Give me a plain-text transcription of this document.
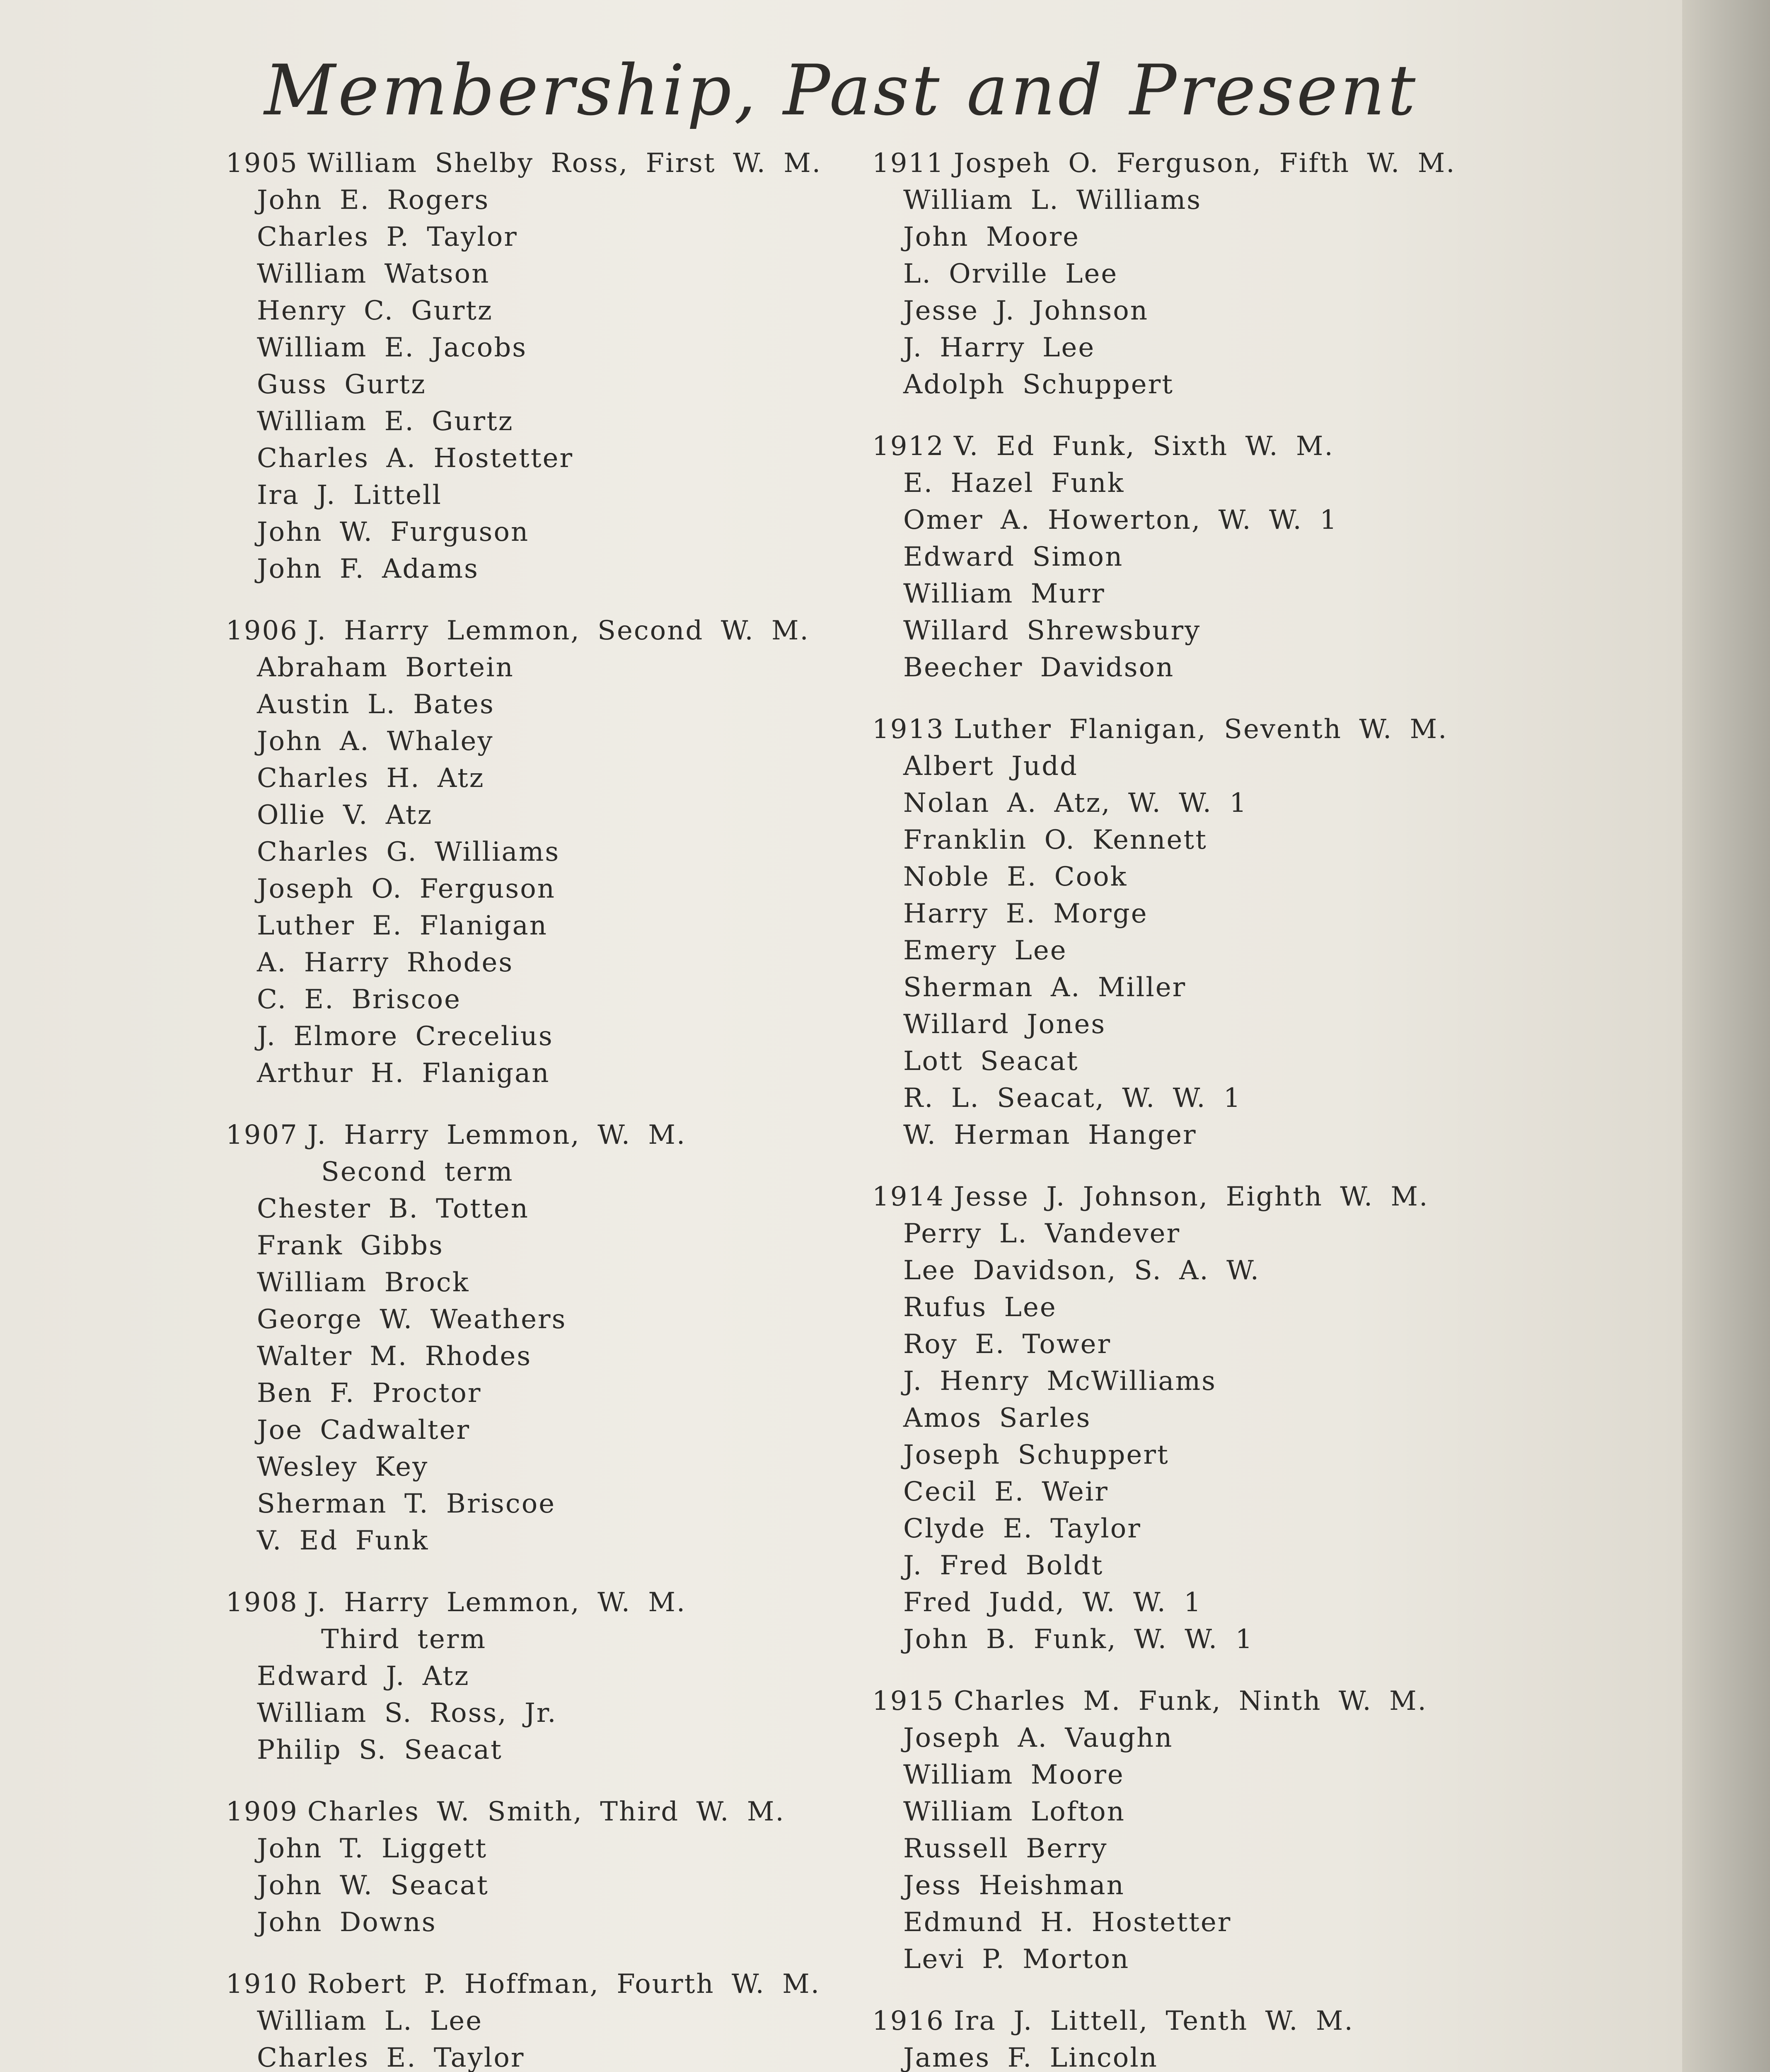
Membership, Past and Present
1905 William Shelby Ross, First W. M.
John E. Rogers
Charles P. Taylor
William Watson
Henry C. Gurtz
William E. Jacobs
Guss Gurtz
William E. Gurtz
Charles A. Hostetter
Ira J. Littell
John W. Furguson
John F. Adams
1906 J. Harry Lemmon, Second W. M.
Abraham Bortein
Austin L. Bates
John A. Whaley
Charles H. Atz
Ollie V. Atz
Charles G. Williams
Joseph O. Ferguson
Luther E. Flanigan
A. Harry Rhodes
C. E. Briscoe
J. Elmore Crecelius
Arthur H. Flanigan
1907 J. Harry Lemmon, W. M.
Second term
Chester B. Totten
Frank Gibbs
William Brock
George W. Weathers
Walter M. Rhodes
Ben F. Proctor
Joe Cadwalter
Wesley Key
Sherman T. Briscoe
V. Ed Funk
1908 J. Harry Lemmon, W. M.
Third term
Edward J. Atz
William S. Ross, Jr.
Philip S. Seacat
1909 Charles W. Smith, Third W. M.
John T. Liggett
John W. Seacat
John Downs
1910 Robert P. Hoffman, Fourth W. M.
William L. Lee
Charles E. Taylor
1911 Jospeh O. Ferguson, Fifth W. M.
William L. Williams
John Moore
L. Orville Lee
Jesse J. Johnson
J. Harry Lee
Adolph Schuppert
1912 V. Ed Funk, Sixth W. M.
E. Hazel Funk
Omer A. Howerton, W. W. 1
Edward Simon
William Murr
Willard Shrewsbury
Beecher Davidson
1913 Luther Flanigan, Seventh W. M.
Albert Judd
Nolan A. Atz, W. W. 1
Franklin O. Kennett
Noble E. Cook
Harry E. Morge
Emery Lee
Sherman A. Miller
Willard Jones
Lott Seacat
R. L. Seacat, W. W. 1
W. Herman Hanger
1914 Jesse J. Johnson, Eighth W. M.
Perry L. Vandever
Lee Davidson, S. A. W.
Rufus Lee
Roy E. Tower
J. Henry McWilliams
Amos Sarles
Joseph Schuppert
Cecil E. Weir
Clyde E. Taylor
J. Fred Boldt
Fred Judd, W. W. 1
John B. Funk, W. W. 1
1915 Charles M. Funk, Ninth W. M.
Joseph A. Vaughn
William Moore
William Lofton
Russell Berry
Jess Heishman
Edmund H. Hostetter
Levi P. Morton
1916 Ira J. Littell, Tenth W. M.
James F. Lincoln
